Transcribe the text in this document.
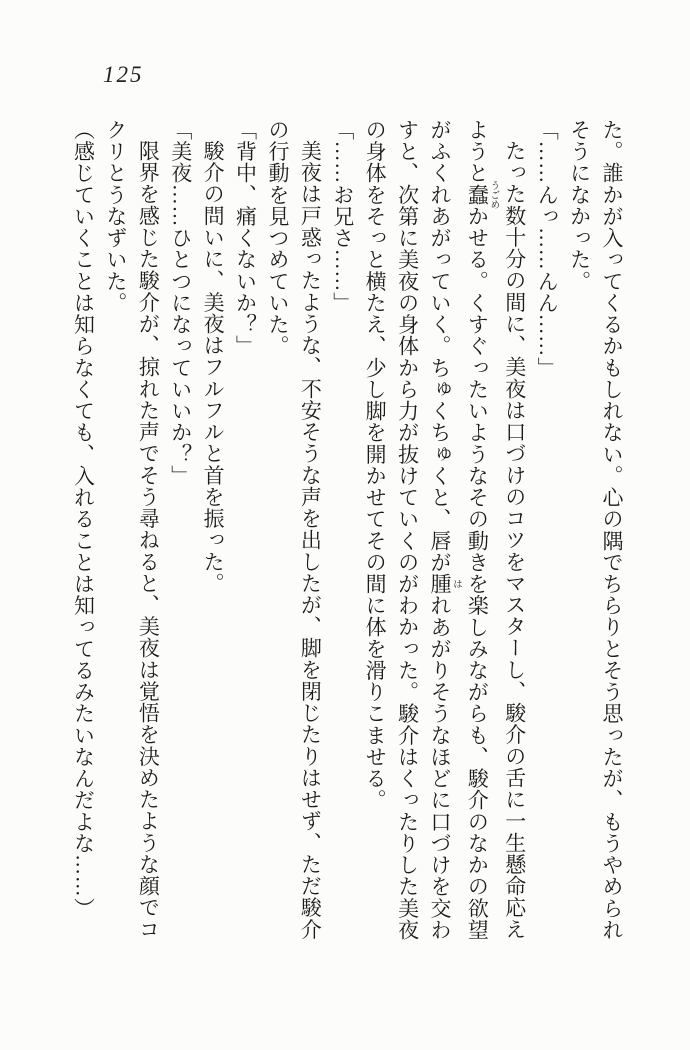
125
た。誰かが入ってくるかもしれない。心の隅でちらりとそう思ったが、もうやめられ
そうになかった。
「……んっ……んん……」
たった数十分の間に、美夜は口づけのコツをマスターし、駿介の舌に一生懸命応え
ようと蠢 うごめかせる。くすぐったいようなその動きを楽しみながらも、駿介のなかの欲望
がふくれあがっていく。ちゅくちゅくと、唇が腫 はれあがりそうなほどに口づけを交わ
すと、次第に美夜の身体から力が抜けていくのがわかった。駿介はくったりした美夜
の身体をそっと横たえ、少し脚を開かせてその間に体を滑りこませる。
「……お兄さ……」
美夜は戸惑ったような、不安そうな声を出したが、脚を閉じたりはせず、ただ駿介
の行動を見つめていた。
「背中、痛くないか？」
駿介の問いに、美夜はフルフルと首を振った。
「美夜……ひとつになっていいか？」
限界を感じた駿介が、掠れた声でそう尋ねると、美夜は覚悟を決めたような顔でコ
クリとうなずいた。
（感じていくことは知らなくても、入れることは知ってるみたいなんだよな……）
